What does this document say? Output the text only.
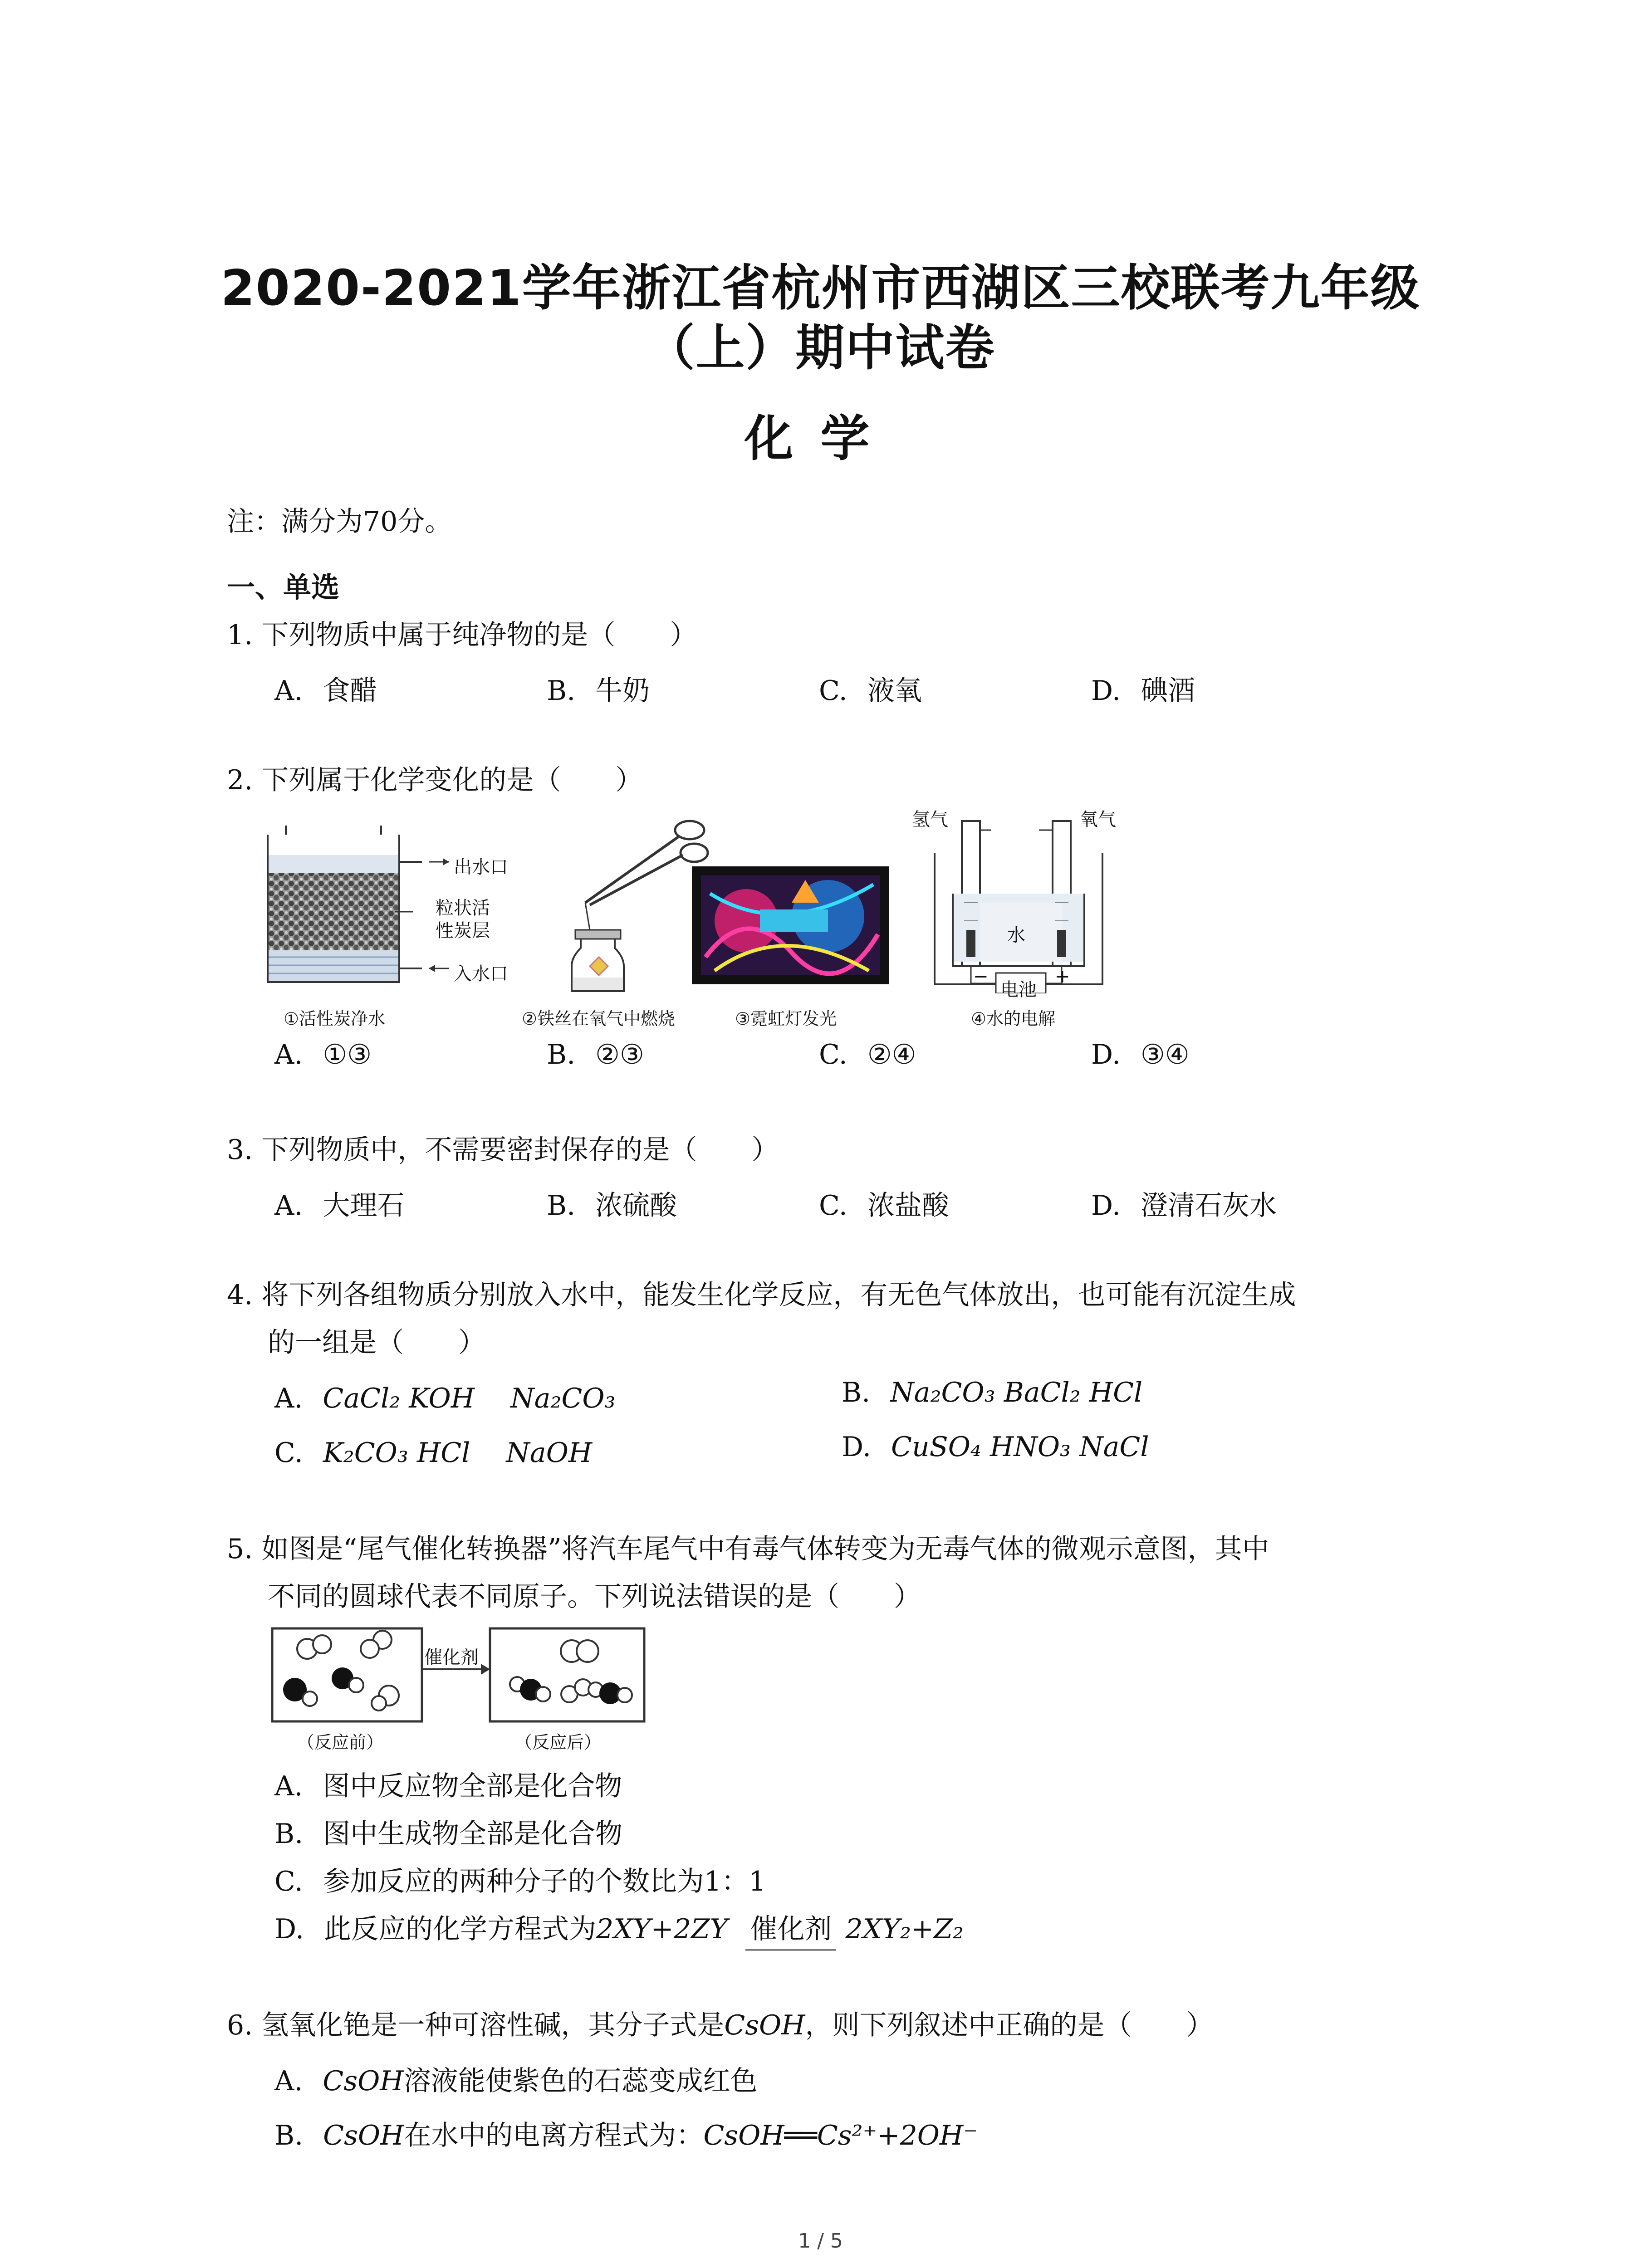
2020-2021学年浙江省杭州市西湖区三校联考九年级
（上）期中试卷
化学
注：满分为70分。
一、单选
1. 下列物质中属于纯净物的是（　　）
A. 食醋	B. 牛奶	C. 液氧	D. 碘酒
2. 下列属于化学变化的是（　　）
出水口
粒状活
性炭层
入水口
氢气	氧气
水
电池
−	+
①活性炭净水	②铁丝在氧气中燃烧	③霓虹灯发光	④水的电解
A. ①③	B. ②③	C. ②④	D. ③④
3. 下列物质中，不需要密封保存的是（　　）
A. 大理石	B. 浓硫酸	C. 浓盐酸	D. 澄清石灰水
4. 将下列各组物质分别放入水中，能发生化学反应，有无色气体放出，也可能有沉淀生成
的一组是（　　）
A. CaCl₂ KOH　 Na₂CO₃	B. Na₂CO₃ BaCl₂ HCl
C. K₂CO₃ HCl　 NaOH	D. CuSO₄ HNO₃ NaCl
5. 如图是“尾气催化转换器”将汽车尾气中有毒气体转变为无毒气体的微观示意图，其中
不同的圆球代表不同原子。下列说法错误的是（　　）
催化剂
（反应前）	（反应后）
A. 图中反应物全部是化合物
B. 图中生成物全部是化合物
C. 参加反应的两种分子的个数比为1：1
D. 此反应的化学方程式为2XY+2ZY 催化剂 2XY₂+Z₂
6. 氢氧化铯是一种可溶性碱，其分子式是CsOH，则下列叙述中正确的是（　　）
A. CsOH溶液能使紫色的石蕊变成红色
B. CsOH在水中的电离方程式为：CsOH══Cs²⁺+2OH⁻
1 / 5
